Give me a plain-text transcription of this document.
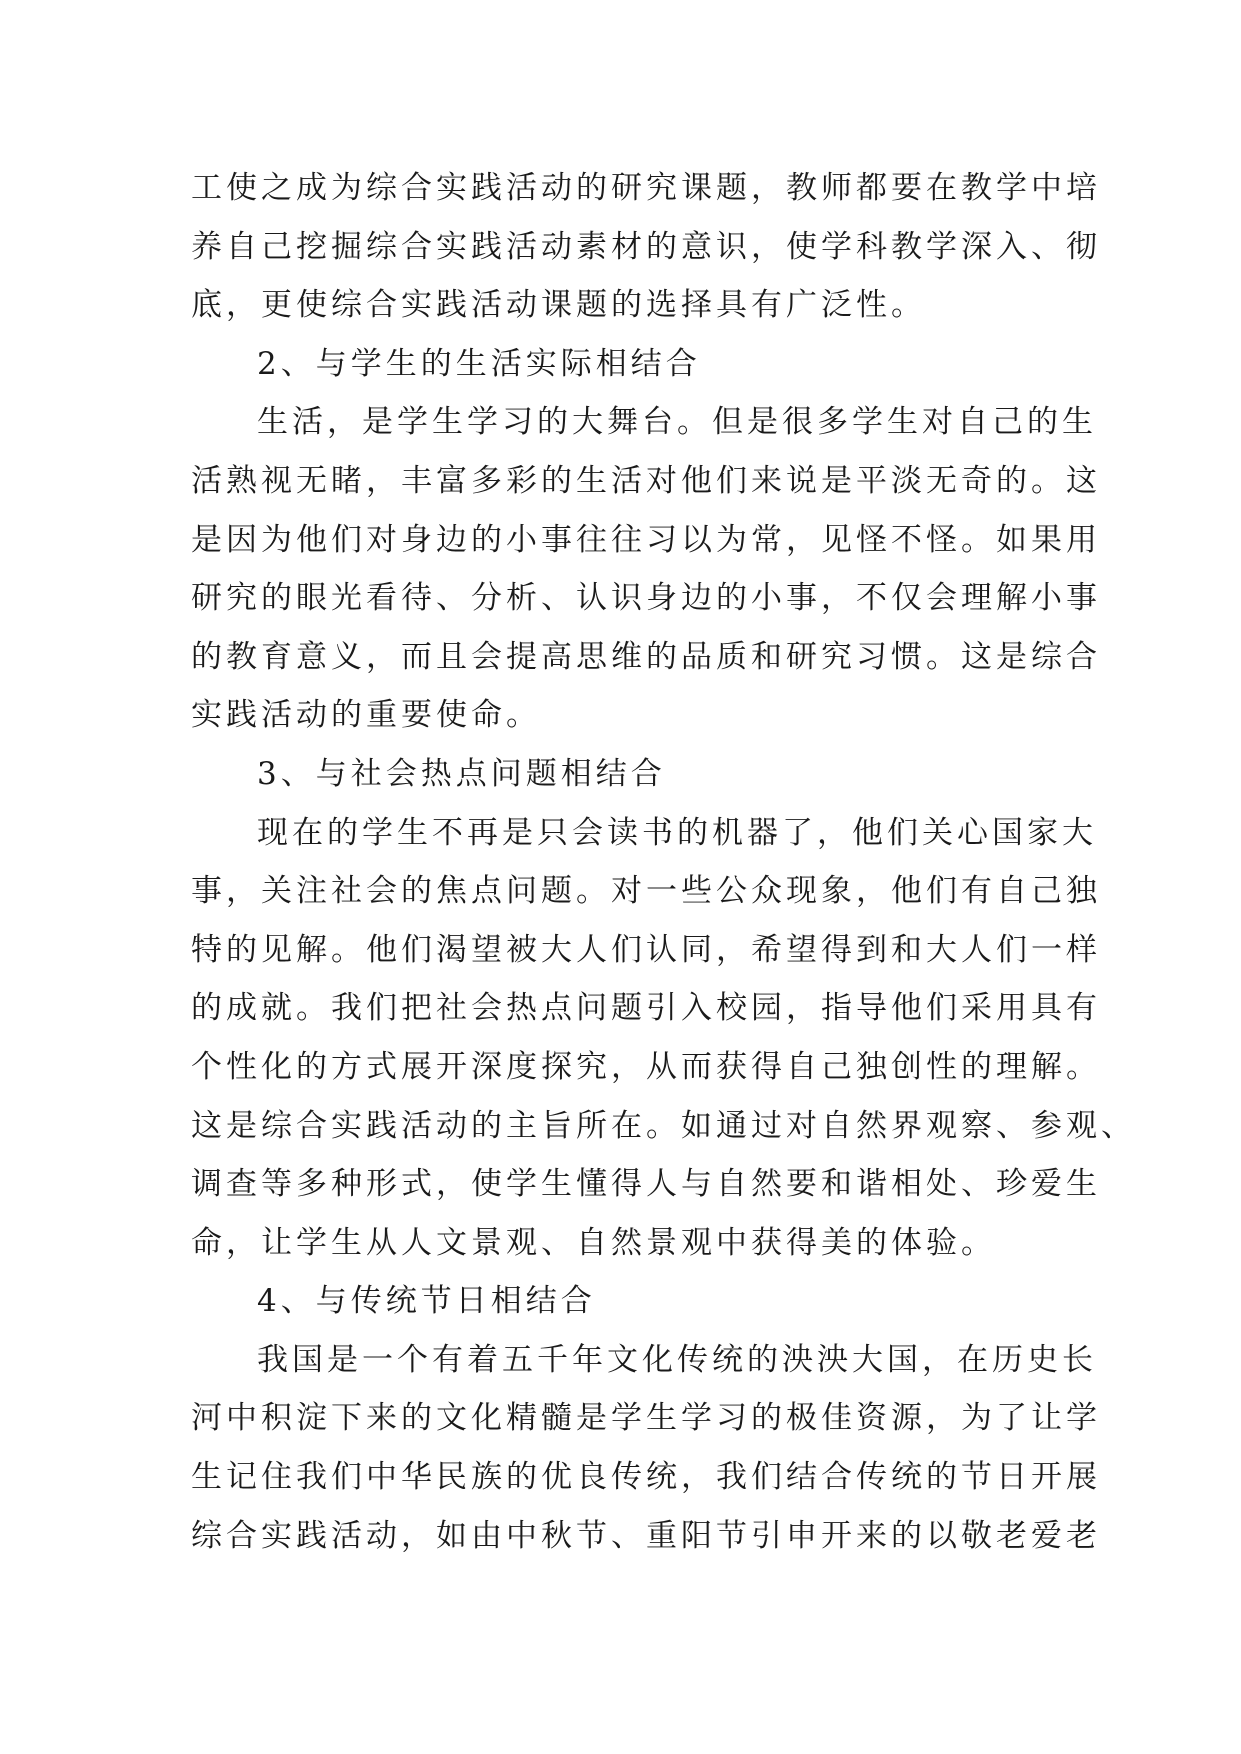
工使之成为综合实践活动的研究课题，教师都要在教学中培
养自己挖掘综合实践活动素材的意识，使学科教学深入、彻
底，更使综合实践活动课题的选择具有广泛性。
2、与学生的生活实际相结合
生活，是学生学习的大舞台。但是很多学生对自己的生
活熟视无睹，丰富多彩的生活对他们来说是平淡无奇的。这
是因为他们对身边的小事往往习以为常，见怪不怪。如果用
研究的眼光看待、分析、认识身边的小事，不仅会理解小事
的教育意义，而且会提高思维的品质和研究习惯。这是综合
实践活动的重要使命。
3、与社会热点问题相结合
现在的学生不再是只会读书的机器了，他们关心国家大
事，关注社会的焦点问题。对一些公众现象，他们有自己独
特的见解。他们渴望被大人们认同，希望得到和大人们一样
的成就。我们把社会热点问题引入校园，指导他们采用具有
个性化的方式展开深度探究，从而获得自己独创性的理解。
这是综合实践活动的主旨所在。如通过对自然界观察、参观、
调查等多种形式，使学生懂得人与自然要和谐相处、珍爱生
命，让学生从人文景观、自然景观中获得美的体验。
4、与传统节日相结合
我国是一个有着五千年文化传统的泱泱大国，在历史长
河中积淀下来的文化精髓是学生学习的极佳资源，为了让学
生记住我们中华民族的优良传统，我们结合传统的节日开展
综合实践活动，如由中秋节、重阳节引申开来的以敬老爱老
